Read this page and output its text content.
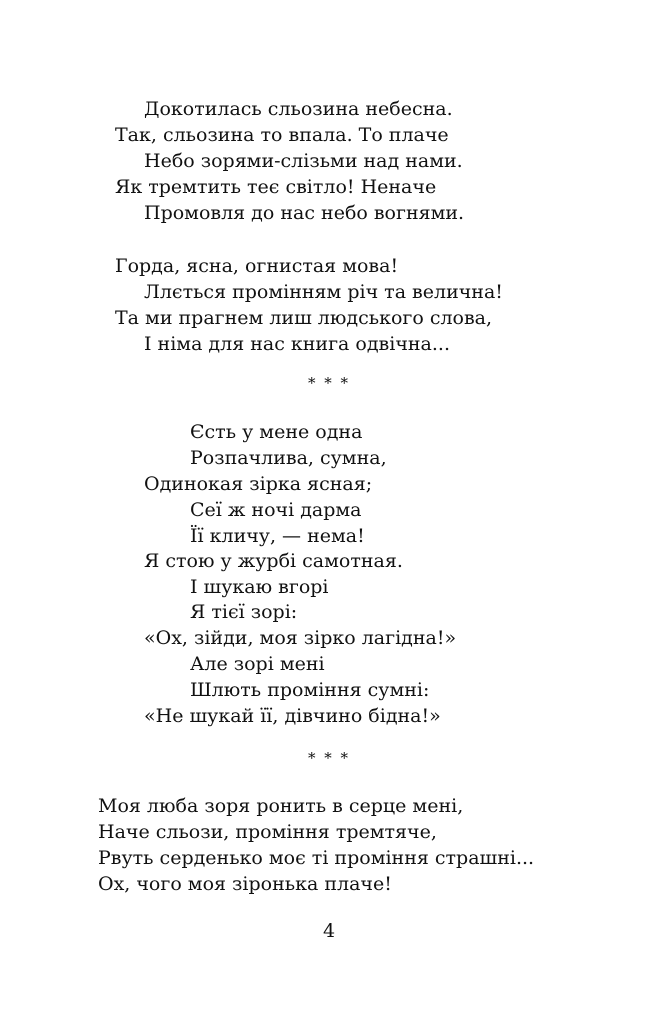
Докотилась сльозина небесна.
Так, сльозина то впала. То плаче
Небо зорями-слізьми над нами.
Як тремтить теє світло! Неначе
Промовля до нас небо вогнями.
Горда, ясна, огнистая мова!
Ллється промінням річ та велична!
Та ми прагнем лиш людського слова,
І німа для нас книга одвічна...
* * *
Єсть у мене одна
Розпачлива, сумна,
Одинокая зірка ясная;
Сеї ж ночі дарма
Її кличу, — нема!
Я стою у журбі самотная.
І шукаю вгорі
Я тієї зорі:
«Ох, зійди, моя зірко лагідна!»
Але зорі мені
Шлють проміння сумні:
«Не шукай її, дівчино бідна!»
* * *
Моя люба зоря ронить в серце мені,
Наче сльози, проміння тремтяче,
Рвуть серденько моє ті проміння страшні...
Ох, чого моя зіронька плаче!
4
